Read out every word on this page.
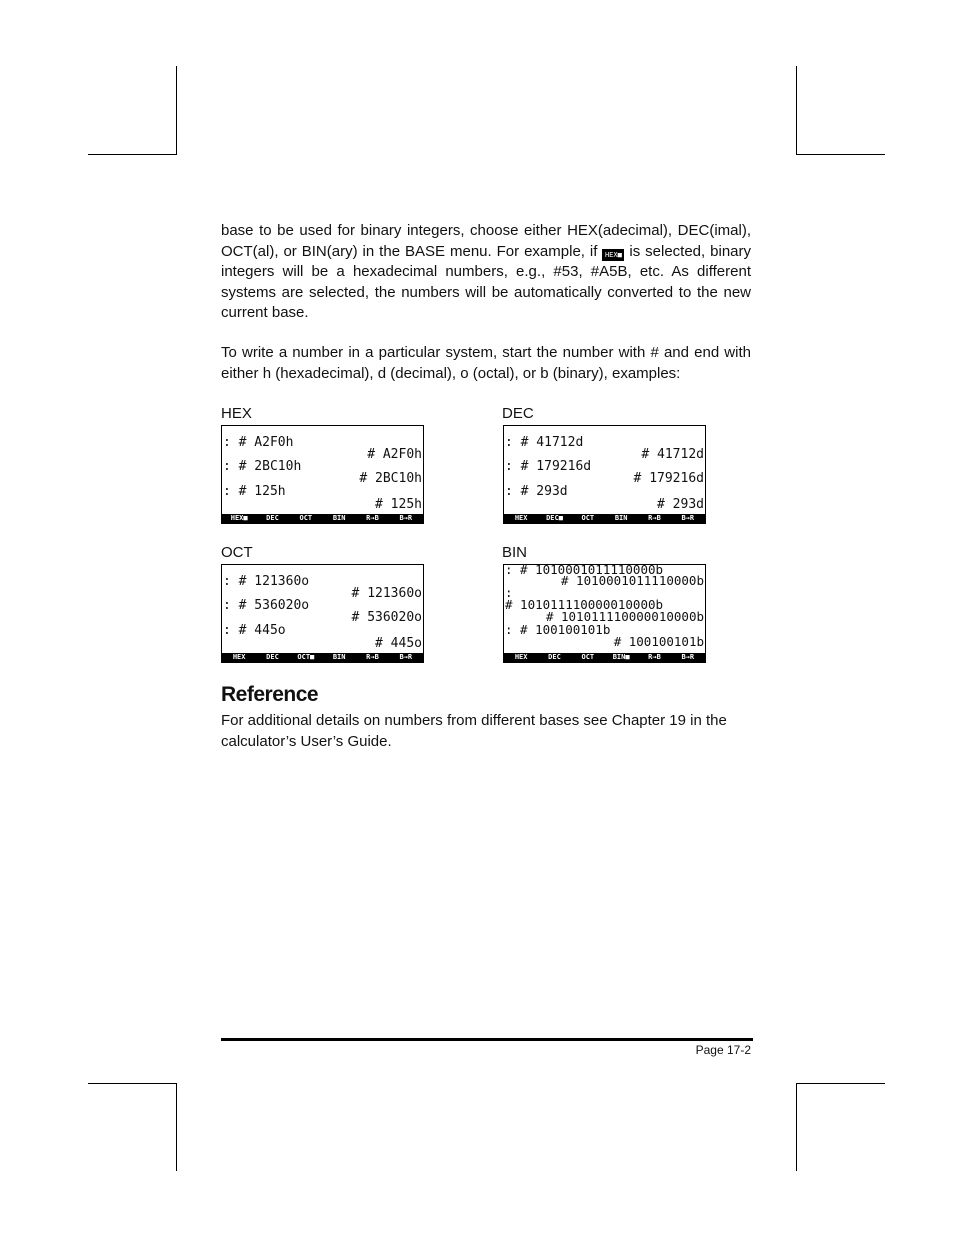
base to be used for binary integers, choose either HEX(adecimal), DEC(imal), OCT(al), or BIN(ary) in the BASE menu. For example, if HEX■ is selected, binary integers will be a hexadecimal numbers, e.g., #53, #A5B, etc. As different systems are selected, the numbers will be automatically converted to the new current base.

To write a number in a particular system, start the number with # and end with either h (hexadecimal), d (decimal), o (octal), or b (binary), examples:

HEX
: # A2F0h
# A2F0h
: # 2BC10h
# 2BC10h
: # 125h
# 125h
HEX■	DEC	OCT	BIN	R→B	B→R
DEC
: # 41712d
# 41712d
: # 179216d
# 179216d
: # 293d
# 293d
HEX	DEC■	OCT	BIN	R→B	B→R
OCT
: # 121360o
# 121360o
: # 536020o
# 536020o
: # 445o
# 445o
HEX	DEC	OCT■	BIN	R→B	B→R
BIN
: # 1010001011110000b
# 1010001011110000b
:
# 101011110000010000b
# 101011110000010000b
: # 100100101b
# 100100101b
HEX	DEC	OCT	BIN■	R→B	B→R
Reference

For additional details on numbers from different bases see Chapter 19 in the calculator’s User’s Guide.

Page 17-2
